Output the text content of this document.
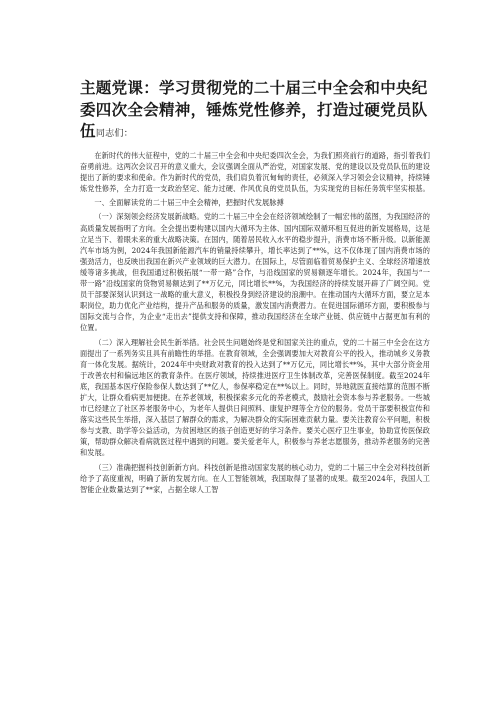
主题党课：学习贯彻党的二十届三中全会和中央纪委四次全会精神，锤炼党性修养，打造过硬党员队伍同志们：

在新时代的伟大征程中，党的二十届三中全会和中央纪委四次全会，为我们照亮前行的道路，指引着我们奋勇前进。这两次会议召开的意义重大，会议强调全面从严治党，对国家发展、党的建设以及党员队伍的建设提出了新的要求和使命。作为新时代的党员，我们肩负着沉甸甸的责任，必须深入学习领会会议精神，持续锤炼党性修养，全力打造一支政治坚定、能力过硬、作风优良的党员队伍，为实现党的目标任务筑牢坚实根基。

一、全面解读党的二十届三中全会精神，把握时代发展脉搏

（一）深刻领会经济发展新战略。党的二十届三中全会在经济领域绘制了一幅宏伟的蓝图，为我国经济的高质量发展指明了方向。全会提出要构建以国内大循环为主体、国内国际双循环相互促进的新发展格局，这是立足当下、着眼未来的重大战略决策。在国内，随着居民收入水平的稳步提升，消费市场不断升级。以新能源汽车市场为例，2024年我国新能源汽车的销量持续攀升，增长率达到了**%，这不仅体现了国内消费市场的强劲活力，也反映出我国在新兴产业领域的巨大潜力。在国际上，尽管面临着贸易保护主义、全球经济增速放缓等诸多挑战，但我国通过积极拓展“一带一路”合作，与沿线国家的贸易额逐年增长。2024年，我国与“一带一路”沿线国家的货物贸易额达到了**万亿元，同比增长**%，为我国经济的持续发展开辟了广阔空间。党员干部要深刻认识到这一战略的重大意义，积极投身到经济建设的浪潮中。在推动国内大循环方面，要立足本职岗位，助力优化产业结构，提升产品和服务的质量，激发国内消费潜力。在促进国际循环方面，要积极参与国际交流与合作，为企业“走出去”提供支持和保障，推动我国经济在全球产业链、供应链中占据更加有利的位置。

（二）深入理解社会民生新举措。社会民生问题始终是党和国家关注的重点，党的二十届三中全会在这方面提出了一系列务实且具有前瞻性的举措。在教育领域，全会强调要加大对教育公平的投入，推动城乡义务教育一体化发展。据统计，2024年中央财政对教育的投入达到了**万亿元，同比增长**%，其中大部分资金用于改善农村和偏远地区的教育条件。在医疗领域，持续推进医疗卫生体制改革，完善医保制度。截至2024年底，我国基本医疗保险参保人数达到了**亿人，参保率稳定在**%以上。同时，异地就医直接结算的范围不断扩大，让群众看病更加便捷。在养老领域，积极探索多元化的养老模式，鼓励社会资本参与养老服务。一些城市已经建立了社区养老服务中心，为老年人提供日间照料、康复护理等全方位的服务。党员干部要积极宣传和落实这些民生举措，深入基层了解群众的需求，为解决群众的实际困难贡献力量。要关注教育公平问题，积极参与支教、助学等公益活动，为贫困地区的孩子创造更好的学习条件。要关心医疗卫生事业，协助宣传医保政策，帮助群众解决看病就医过程中遇到的问题。要关爱老年人，积极参与养老志愿服务，推动养老服务的完善和发展。

（三）准确把握科技创新新方向。科技创新是推动国家发展的核心动力，党的二十届三中全会对科技创新给予了高度重视，明确了新的发展方向。在人工智能领域，我国取得了显著的成果。截至2024年，我国人工智能企业数量达到了**家，占据全球人工智
